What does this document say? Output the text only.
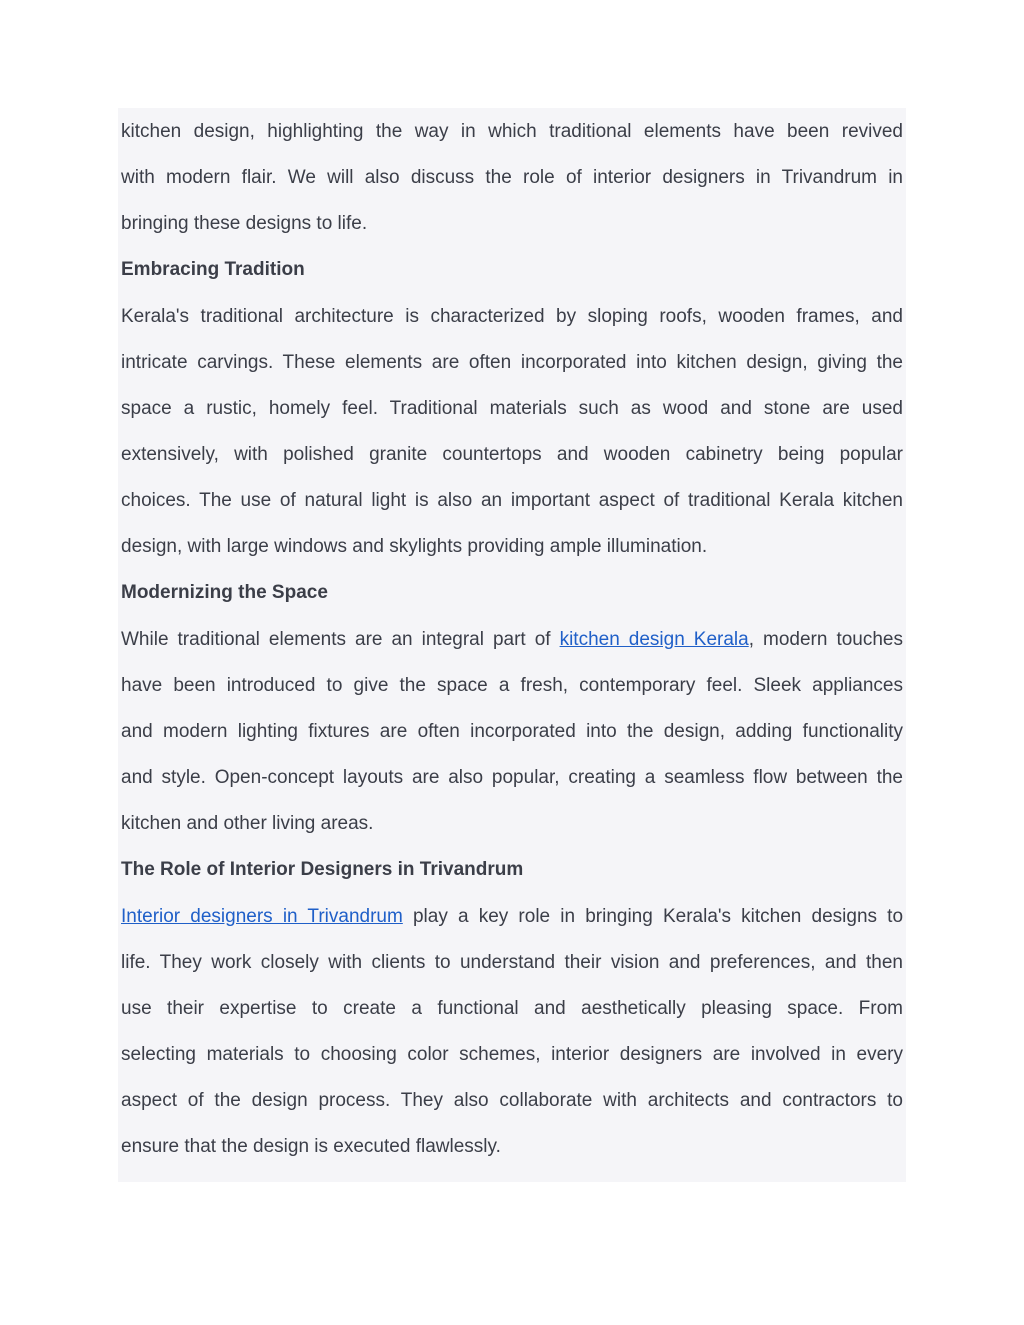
kitchen design, highlighting the way in which traditional elements have been revived
with modern flair. We will also discuss the role of interior designers in Trivandrum in
bringing these designs to life.
Embracing Tradition
Kerala's traditional architecture is characterized by sloping roofs, wooden frames, and
intricate carvings. These elements are often incorporated into kitchen design, giving the
space a rustic, homely feel. Traditional materials such as wood and stone are used
extensively, with polished granite countertops and wooden cabinetry being popular
choices. The use of natural light is also an important aspect of traditional Kerala kitchen
design, with large windows and skylights providing ample illumination.
Modernizing the Space
While traditional elements are an integral part of kitchen design Kerala, modern touches
have been introduced to give the space a fresh, contemporary feel. Sleek appliances
and modern lighting fixtures are often incorporated into the design, adding functionality
and style. Open-concept layouts are also popular, creating a seamless flow between the
kitchen and other living areas.
The Role of Interior Designers in Trivandrum
Interior designers in Trivandrum play a key role in bringing Kerala's kitchen designs to
life. They work closely with clients to understand their vision and preferences, and then
use their expertise to create a functional and aesthetically pleasing space. From
selecting materials to choosing color schemes, interior designers are involved in every
aspect of the design process. They also collaborate with architects and contractors to
ensure that the design is executed flawlessly.
